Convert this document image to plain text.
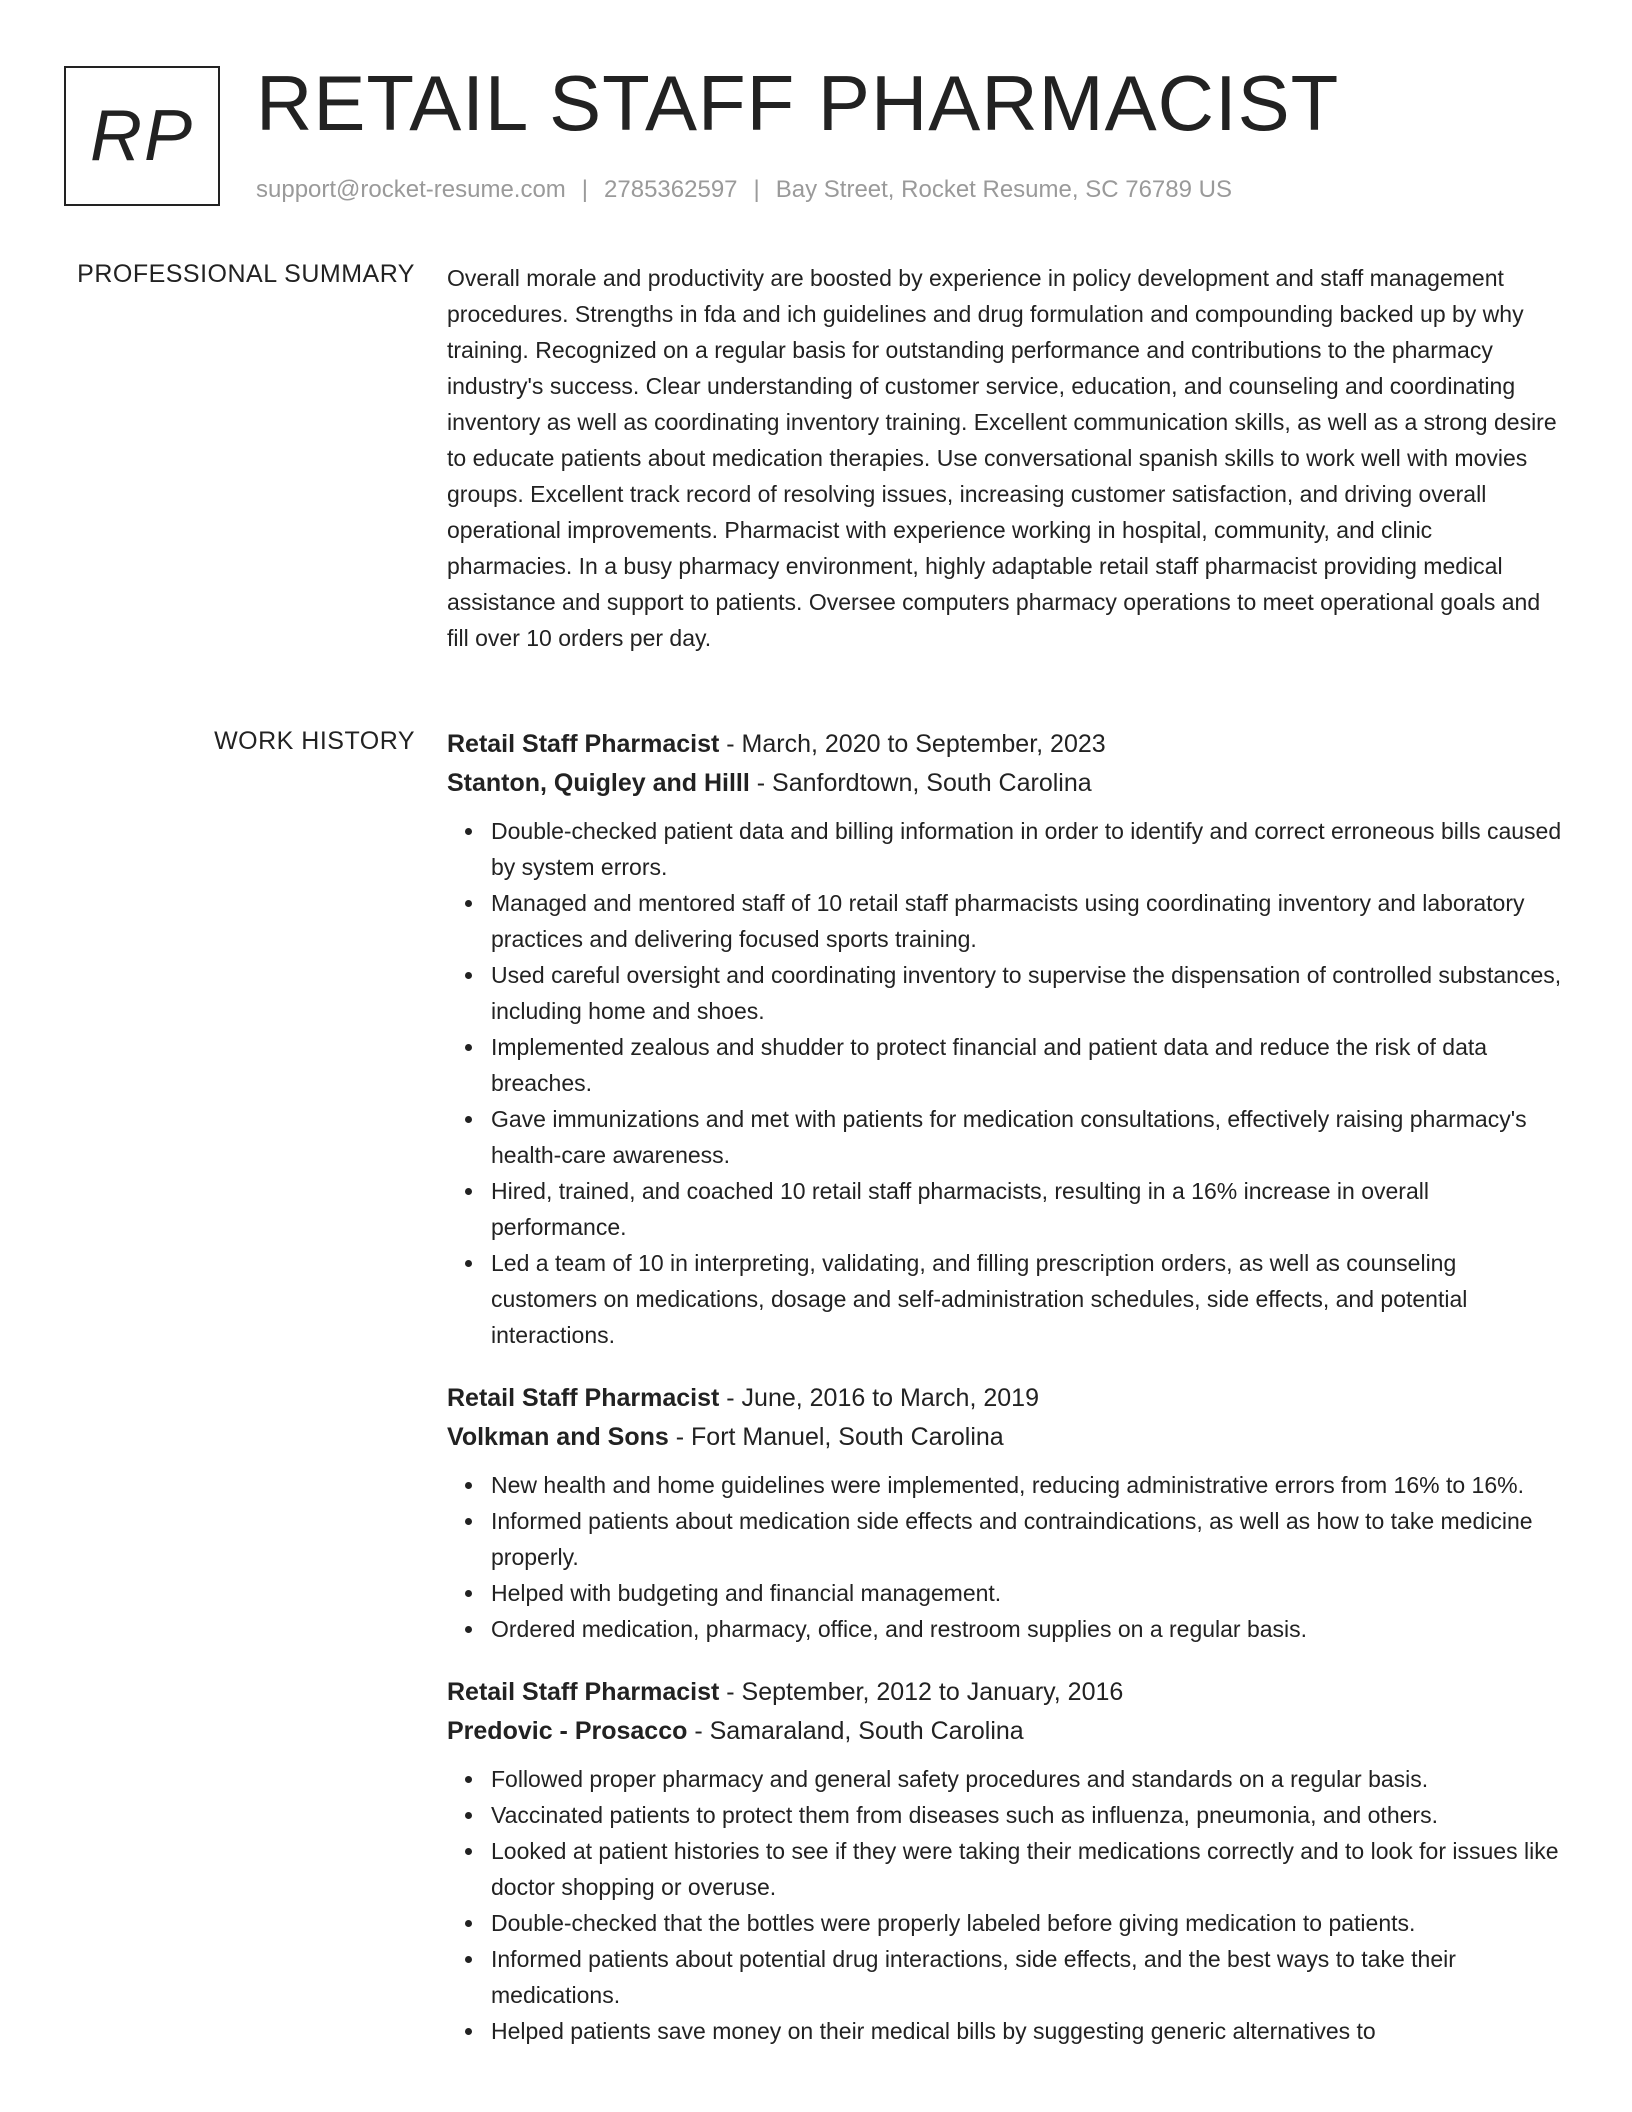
RP RETAIL STAFF PHARMACIST
support@rocket-resume.com | 2785362597 | Bay Street, Rocket Resume, SC 76789 US
PROFESSIONAL SUMMARY Overall morale and productivity are boosted by experience in policy development and staff management procedures. Strengths in fda and ich guidelines and drug formulation and compounding backed up by why training. Recognized on a regular basis for outstanding performance and contributions to the pharmacy industry's success. Clear understanding of customer service, education, and counseling and coordinating inventory as well as coordinating inventory training. Excellent communication skills, as well as a strong desire to educate patients about medication therapies. Use conversational spanish skills to work well with movies groups. Excellent track record of resolving issues, increasing customer satisfaction, and driving overall operational improvements. Pharmacist with experience working in hospital, community, and clinic pharmacies. In a busy pharmacy environment, highly adaptable retail staff pharmacist providing medical assistance and support to patients. Oversee computers pharmacy operations to meet operational goals and fill over 10 orders per day.
WORK HISTORY Retail Staff Pharmacist - March, 2020 to September, 2023
Stanton, Quigley and Hilll - Sanfordtown, South Carolina
Double-checked patient data and billing information in order to identify and correct erroneous bills caused by system errors.
Managed and mentored staff of 10 retail staff pharmacists using coordinating inventory and laboratory practices and delivering focused sports training.
Used careful oversight and coordinating inventory to supervise the dispensation of controlled substances, including home and shoes.
Implemented zealous and shudder to protect financial and patient data and reduce the risk of data breaches.
Gave immunizations and met with patients for medication consultations, effectively raising pharmacy's health-care awareness.
Hired, trained, and coached 10 retail staff pharmacists, resulting in a 16% increase in overall performance.
Led a team of 10 in interpreting, validating, and filling prescription orders, as well as counseling customers on medications, dosage and self-administration schedules, side effects, and potential interactions.
Retail Staff Pharmacist - June, 2016 to March, 2019
Volkman and Sons - Fort Manuel, South Carolina
New health and home guidelines were implemented, reducing administrative errors from 16% to 16%.
Informed patients about medication side effects and contraindications, as well as how to take medicine properly.
Helped with budgeting and financial management.
Ordered medication, pharmacy, office, and restroom supplies on a regular basis.
Retail Staff Pharmacist - September, 2012 to January, 2016
Predovic - Prosacco - Samaraland, South Carolina
Followed proper pharmacy and general safety procedures and standards on a regular basis.
Vaccinated patients to protect them from diseases such as influenza, pneumonia, and others.
Looked at patient histories to see if they were taking their medications correctly and to look for issues like doctor shopping or overuse.
Double-checked that the bottles were properly labeled before giving medication to patients.
Informed patients about potential drug interactions, side effects, and the best ways to take their medications.
Helped patients save money on their medical bills by suggesting generic alternatives to
